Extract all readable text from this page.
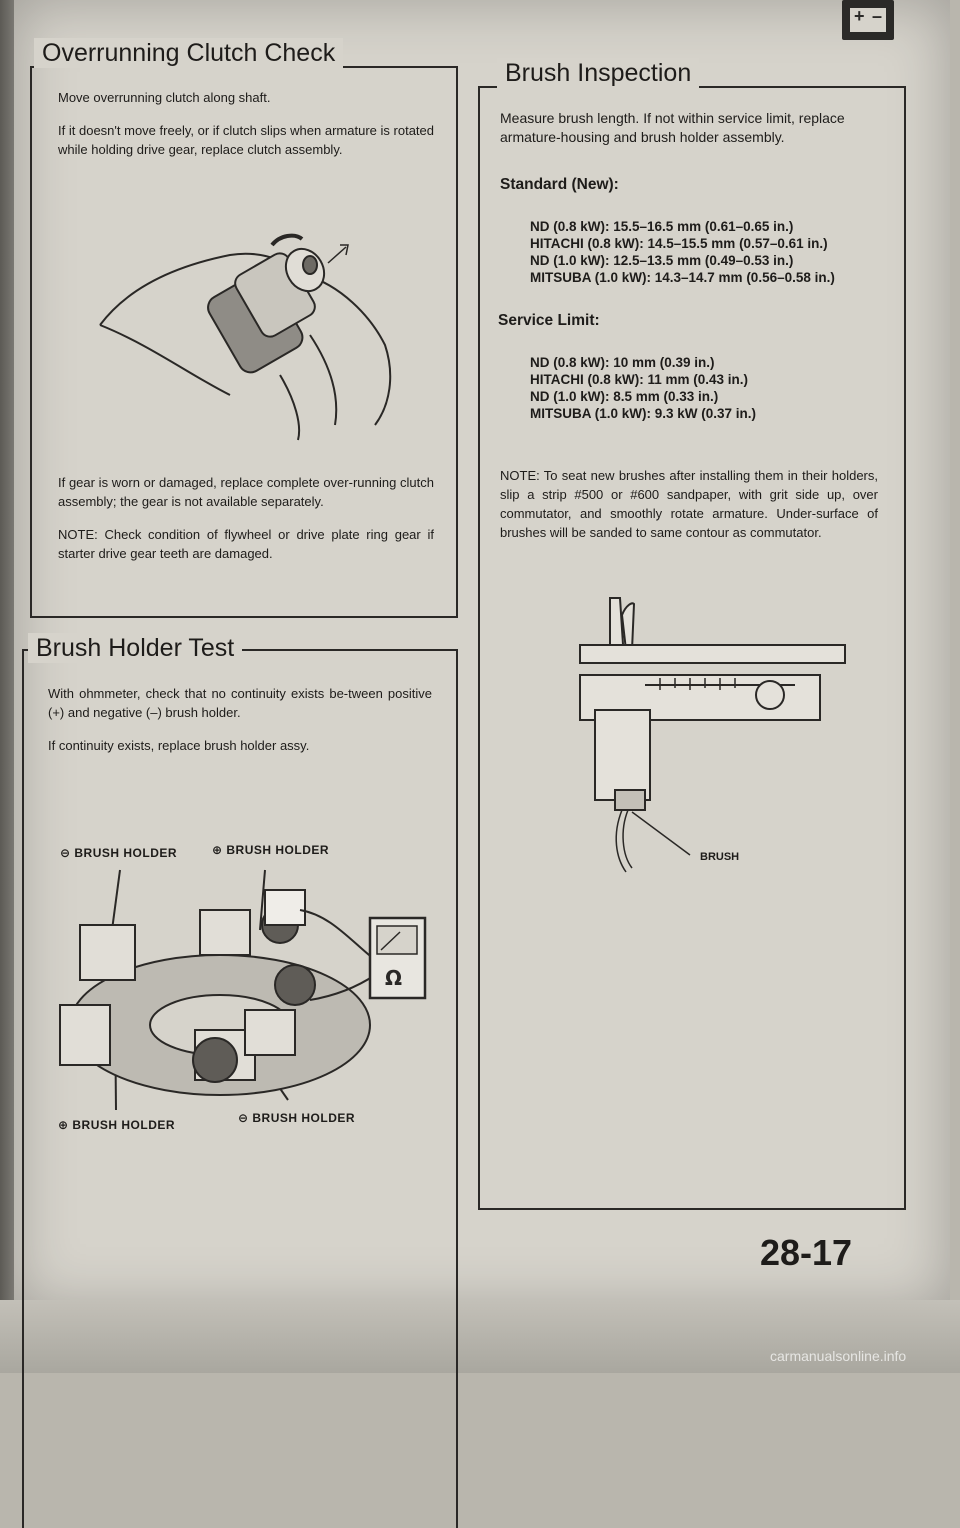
+ –
Overrunning Clutch Check

Move overrunning clutch along shaft.

If it doesn't move freely, or if clutch slips when armature is rotated while holding drive gear, replace clutch assembly.

If gear is worn or damaged, replace complete over-running clutch assembly; the gear is not available separately.

NOTE: Check condition of flywheel or drive plate ring gear if starter drive gear teeth are damaged.

Brush Holder Test

With ohmmeter, check that no continuity exists be-tween positive (+) and negative (–) brush holder.

If continuity exists, replace brush holder assy.

⊖ BRUSH HOLDER	⊕ BRUSH HOLDER
Ω
⊕ BRUSH HOLDER	⊖ BRUSH HOLDER
Brush Inspection
Measure brush length. If not within service limit, replace armature-housing and brush holder assembly.
Standard (New):
ND (0.8 kW): 15.5–16.5 mm (0.61–0.65 in.)
HITACHI (0.8 kW): 14.5–15.5 mm (0.57–0.61 in.)
ND (1.0 kW): 12.5–13.5 mm (0.49–0.53 in.)
MITSUBA (1.0 kW): 14.3–14.7 mm (0.56–0.58 in.)
Service Limit:
ND (0.8 kW): 10 mm (0.39 in.)
HITACHI (0.8 kW): 11 mm (0.43 in.)
ND (1.0 kW): 8.5 mm (0.33 in.)
MITSUBA (1.0 kW): 9.3 kW (0.37 in.)
NOTE: To seat new brushes after installing them in their holders, slip a strip #500 or #600 sandpaper, with grit side up, over commutator, and smoothly rotate armature. Under-surface of brushes will be sanded to same contour as commutator.
BRUSH
28-17
carmanualsonline.info
